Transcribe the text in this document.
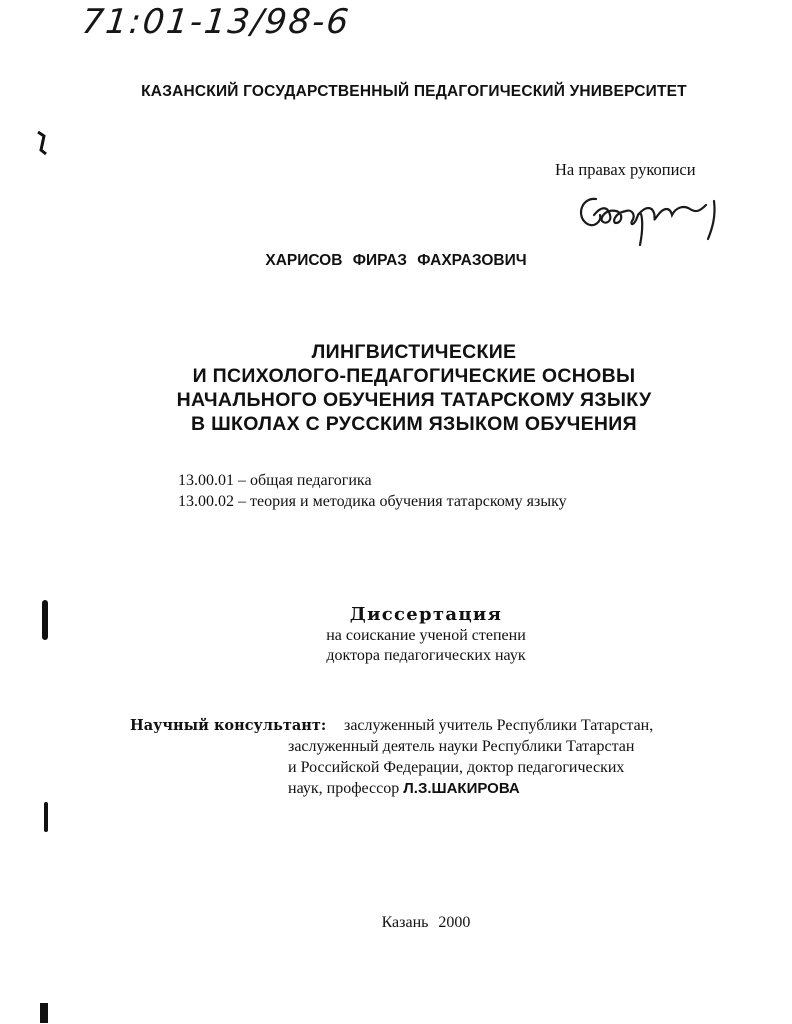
71:01-13/98-6
КАЗАНСКИЙ ГОСУДАРСТВЕННЫЙ ПЕДАГОГИЧЕСКИЙ УНИВЕРСИТЕТ
На правах рукописи
ХАРИСОВ ФИРАЗ ФАХРАЗОВИЧ
ЛИНГВИСТИЧЕСКИЕ
И ПСИХОЛОГО-ПЕДАГОГИЧЕСКИЕ ОСНОВЫ
НАЧАЛЬНОГО ОБУЧЕНИЯ ТАТАРСКОМУ ЯЗЫКУ
В ШКОЛАХ С РУССКИМ ЯЗЫКОМ ОБУЧЕНИЯ
13.00.01 – общая педагогика
13.00.02 – теория и методика обучения татарскому языку
Диссертация
на соискание ученой степени
доктора педагогических наук
Научный консультант: заслуженный учитель Республики Татарстан,
заслуженный деятель науки Республики Татарстан
и Российской Федерации, доктор педагогических
наук, профессор Л.З.ШАКИРОВА
Казань 2000
